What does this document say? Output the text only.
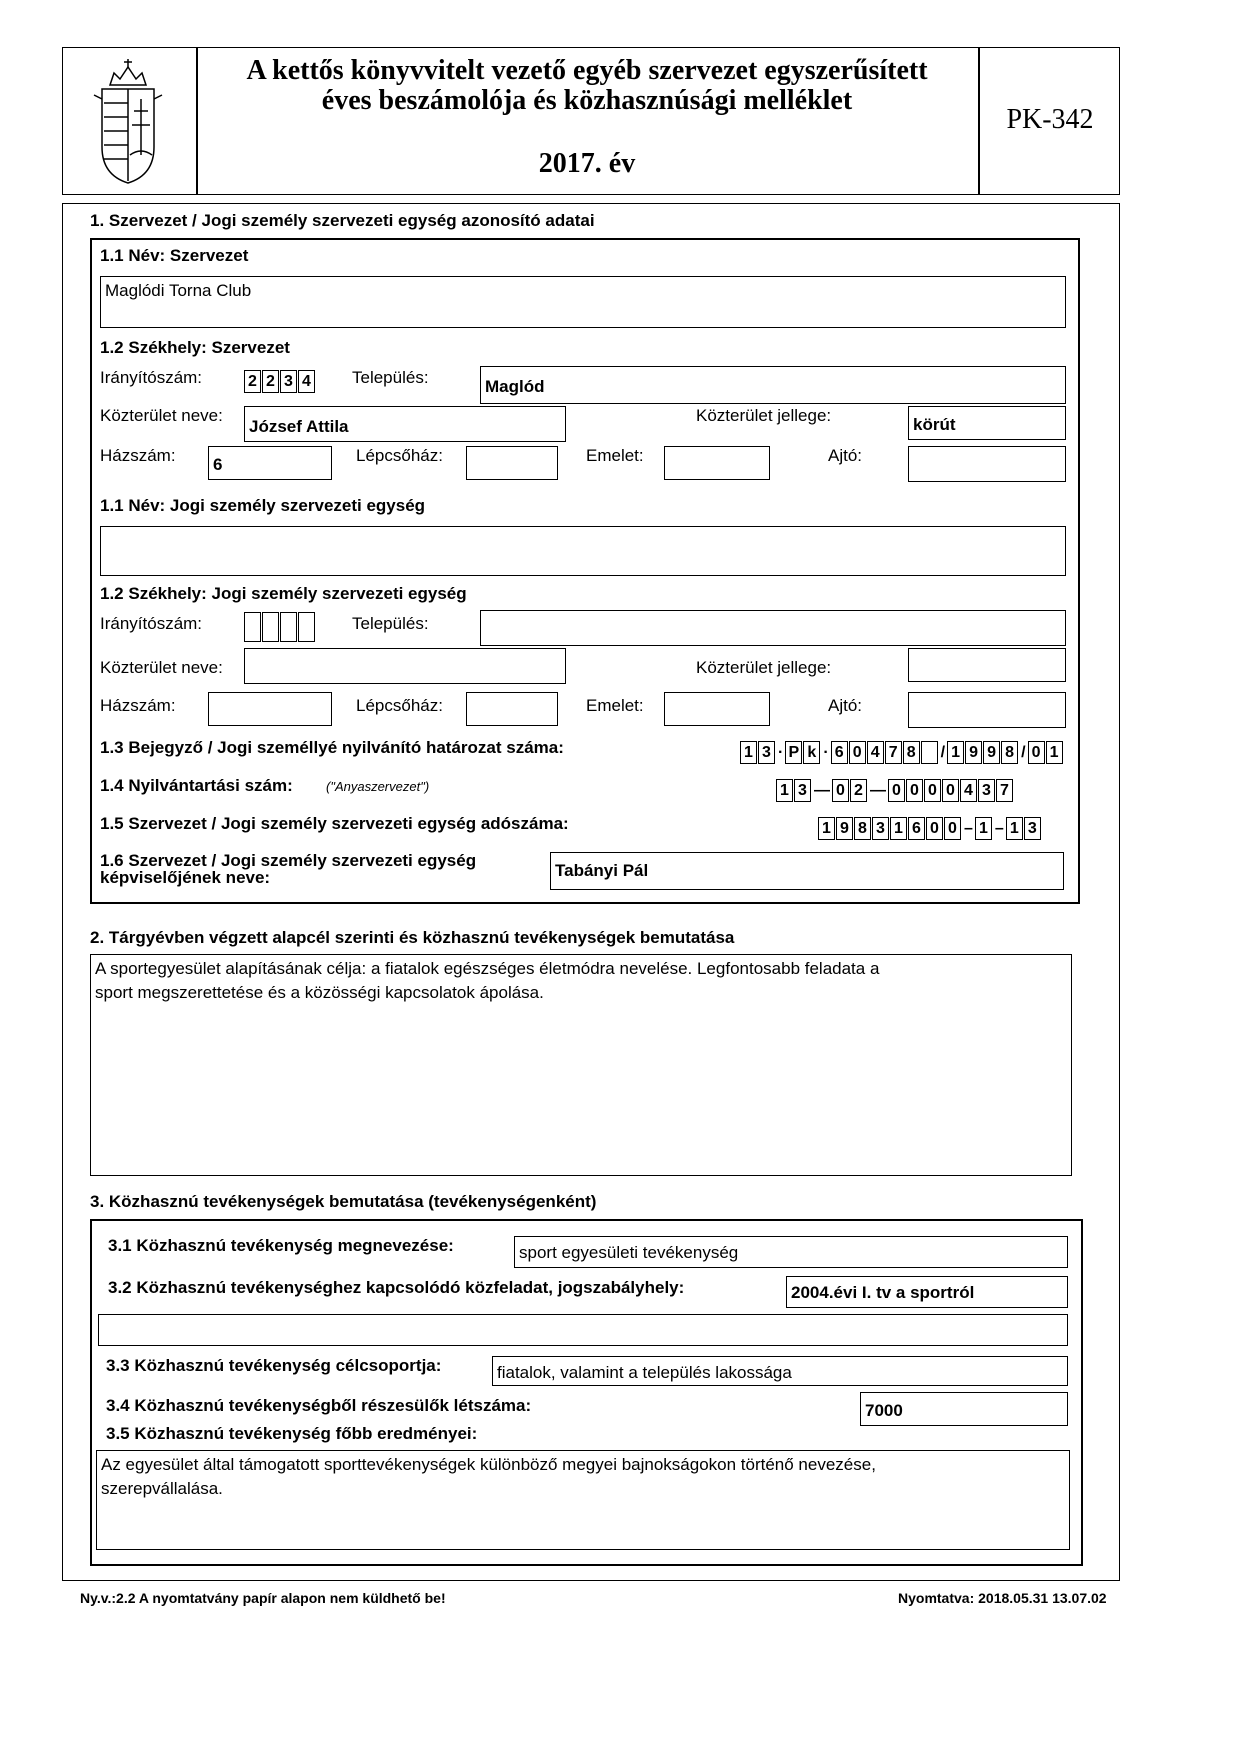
A kettős könyvvitelt vezető egyéb szervezet egyszerűsített
éves beszámolója és közhasznúsági melléklet
2017. év
PK-342
1. Szervezet / Jogi személy szervezeti egység azonosító adatai
1.1 Név: Szervezet
Maglódi Torna Club
1.2 Székhely: Szervezet
Irányítószám:	2 2 3 4 Település:	Maglód
Közterület neve:
József Attila
Közterület jellege:	körút
Házszám: 6	Lépcsőház:	Emelet:	Ajtó:
1.1 Név: Jogi személy szervezeti egység
1.2 Székhely: Jogi személy szervezeti egység
Irányítószám:	Település:
Közterület neve:	Közterület jellege:
Házszám:	Lépcsőház:	Emelet:	Ajtó:
1.3 Bejegyző / Jogi személlyé nyilvánító határozat száma:	1 3 · P k · 6 0 4 7 8 / 1 9 9 8 / 0 1
1.4 Nyilvántartási szám:	("Anyaszervezet")	1 3 — 0 2 — 0 0 0 0 4 3 7
1.5 Szervezet / Jogi személy szervezeti egység adószáma:	1 9 8 3 1 6 0 0 – 1 – 1 3
1.6 Szervezet / Jogi személy szervezeti egység
képviselőjének neve:	Tabányi Pál
2. Tárgyévben végzett alapcél szerinti és közhasznú tevékenységek bemutatása
A sportegyesület alapításának célja: a fiatalok egészséges életmódra nevelése. Legfontosabb feladata a
sport megszerettetése és a közösségi kapcsolatok ápolása.
3. Közhasznú tevékenységek bemutatása (tevékenységenként)
3.1 Közhasznú tevékenység megnevezése:	sport egyesületi tevékenység
3.2 Közhasznú tevékenységhez kapcsolódó közfeladat, jogszabályhely:	2004.évi I. tv a sportról
3.3 Közhasznú tevékenység célcsoportja:	fiatalok, valamint a település lakossága
3.4 Közhasznú tevékenységből részesülők létszáma:	7000
3.5 Közhasznú tevékenység főbb eredményei:
Az egyesület által támogatott sporttevékenységek különböző megyei bajnokságokon történő nevezése,
szerepvállalása.
Ny.v.:2.2 A nyomtatvány papír alapon nem küldhető be!	Nyomtatva: 2018.05.31 13.07.02
